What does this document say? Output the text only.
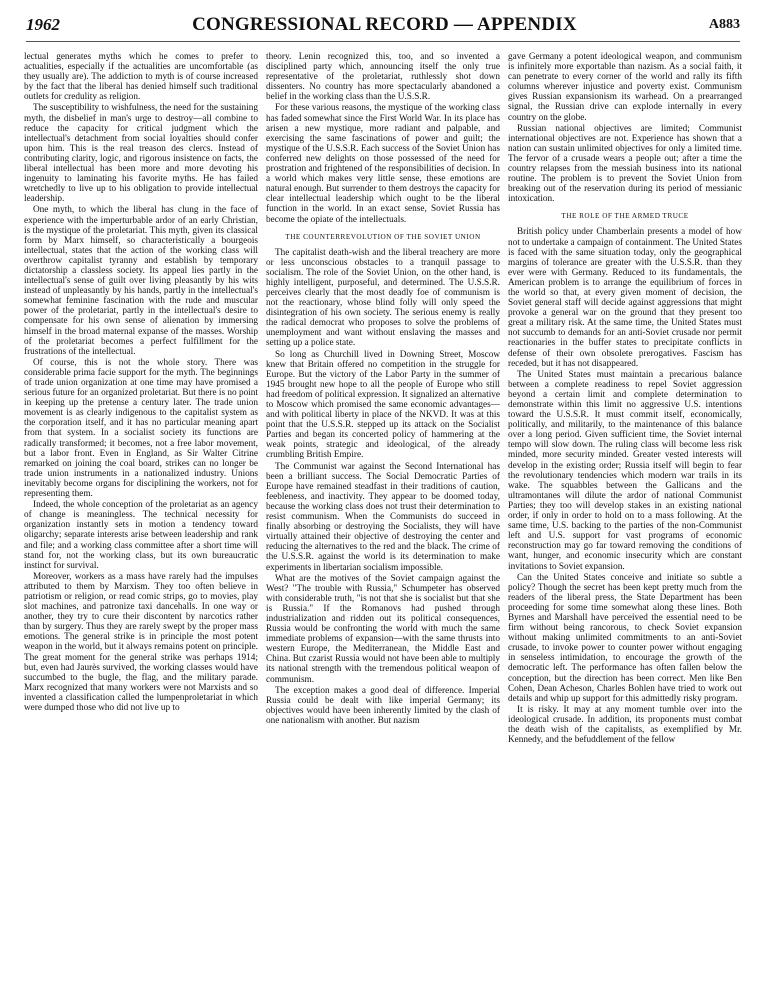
1962	CONGRESSIONAL RECORD — APPENDIX	A883

lectual generates myths which he comes to prefer to actualities, especially if the actualities are uncomfortable (as they usually are). The addiction to myth is of course increased by the fact that the liberal has denied himself such traditional outlets for credulity as religion.

The susceptibility to wishfulness, the need for the sustaining myth, the disbelief in man's urge to destroy—all combine to reduce the capacity for critical judgment which the intellectual's detachment from social loyalties should confer upon him. This is the real treason des clercs. Instead of contributing clarity, logic, and rigorous insistence on facts, the liberal intellectual has been more and more devoting his ingenuity to laminating his favorite myths. He has failed wretchedly to live up to his obligation to provide intellectual leadership.

One myth, to which the liberal has clung in the face of experience with the imperturbable ardor of an early Christian, is the mystique of the proletariat. This myth, given its classical form by Marx himself, so characteristically a bourgeois intellectual, states that the action of the working class will overthrow capitalist tyranny and establish by temporary dictatorship a classless society. Its appeal lies partly in the intellectual's sense of guilt over living pleasantly by his wits instead of unpleasantly by his hands, partly in the intellectual's somewhat feminine fascination with the rude and muscular power of the proletariat, partly in the intellectual's desire to compensate for his own sense of alienation by immersing himself in the broad maternal expanse of the masses. Worship of the proletariat becomes a perfect fulfillment for the frustrations of the intellectual.

Of course, this is not the whole story. There was considerable prima facie support for the myth. The beginnings of trade union organization at one time may have promised a serious future for an organized proletariat. But there is no point in keeping up the pretense a century later. The trade union movement is as clearly indigenous to the capitalist system as the corporation itself, and it has no particular meaning apart from that system. In a socialist society its functions are radically transformed; it becomes, not a free labor movement, but a labor front. Even in England, as Sir Walter Citrine remarked on joining the coal board, strikes can no longer be trade union instruments in a nationalized industry. Unions inevitably become organs for disciplining the workers, not for representing them.

Indeed, the whole conception of the proletariat as an agency of change is meaningless. The technical necessity for organization instantly sets in motion a tendency toward oligarchy; separate interests arise between leadership and rank and file; and a working class committee after a short time will stand for, not the working class, but its own bureaucratic instinct for survival.

Moreover, workers as a mass have rarely had the impulses attributed to them by Marxism. They too often believe in patriotism or religion, or read comic strips, go to movies, play slot machines, and patronize taxi dancehalls. In one way or another, they try to cure their discontent by narcotics rather than by surgery. Thus they are rarely swept by the proper mass emotions. The general strike is in principle the most potent weapon in the world, but it always remains potent on principle. The great moment for the general strike was perhaps 1914; but, even had Jaurès survived, the working classes would have succumbed to the bugle, the flag, and the military parade. Marx recognized that many workers were not Marxists and so invented a classification called the lumpenproletariat in which were dumped those who did not live up to

theory. Lenin recognized this, too, and so invented a disciplined party which, announcing itself the only true representative of the proletariat, ruthlessly shot down dissenters. No country has more spectacularly abandoned a belief in the working class than the U.S.S.R.

For these various reasons, the mystique of the working class has faded somewhat since the First World War. In its place has arisen a new mystique, more radiant and palpable, and exercising the same fascinations of power and guilt; the mystique of the U.S.S.R. Each success of the Soviet Union has conferred new delights on those possessed of the need for prostration and frightened of the responsibilities of decision. In a world which makes very little sense, these emotions are natural enough. But surrender to them destroys the capacity for clear intellectual leadership which ought to be the liberal function in the world. In an exact sense, Soviet Russia has become the opiate of the intellectuals.

THE COUNTERREVOLUTION OF THE SOVIET UNION

The capitalist death-wish and the liberal treachery are more or less unconscious obstacles to a tranquil passage to socialism. The role of the Soviet Union, on the other hand, is highly intelligent, purposeful, and determined. The U.S.S.R. perceives clearly that the most deadly foe of communism is not the reactionary, whose blind folly will only speed the disintegration of his own society. The serious enemy is really the radical democrat who proposes to solve the problems of unemployment and want without enslaving the masses and setting up a police state.

So long as Churchill lived in Downing Street, Moscow knew that Britain offered no competition in the struggle for Europe. But the victory of the Labor Party in the summer of 1945 brought new hope to all the people of Europe who still had freedom of political expression. It signalized an alternative to Moscow which promised the same economic advantages—and with political liberty in place of the NKVD. It was at this point that the U.S.S.R. stepped up its attack on the Socialist Parties and began its concerted policy of hammering at the weak points, strategic and ideological, of the already crumbling British Empire.

The Communist war against the Second International has been a brilliant success. The Social Democratic Parties of Europe have remained steadfast in their traditions of caution, feebleness, and inactivity. They appear to be doomed today, because the working class does not trust their determination to resist communism. When the Communists do succeed in finally absorbing or destroying the Socialists, they will have virtually attained their objective of destroying the center and reducing the alternatives to the red and the black. The crime of the U.S.S.R. against the world is its determination to make experiments in libertarian socialism impossible.

What are the motives of the Soviet campaign against the West? "The trouble with Russia," Schumpeter has observed with considerable truth, "is not that she is socialist but that she is Russia." If the Romanovs had pushed through industrialization and ridden out its political consequences, Russia would be confronting the world with much the same immediate problems of expansion—with the same thrusts into western Europe, the Mediterranean, the Middle East and China. But czarist Russia would not have been able to multiply its national strength with the tremendous political weapon of communism.

The exception makes a good deal of difference. Imperial Russia could be dealt with like imperial Germany; its objectives would have been inherently limited by the clash of one nationalism with another. But nazism

gave Germany a potent ideological weapon, and communism is infinitely more exportable than nazism. As a social faith, it can penetrate to every corner of the world and rally its fifth columns wherever injustice and poverty exist. Communism gives Russian expansionism its warhead. On a prearranged signal, the Russian drive can explode internally in every country on the globe.

Russian national objectives are limited; Communist international objectives are not. Experience has shown that a nation can sustain unlimited objectives for only a limited time. The fervor of a crusade wears a people out; after a time the country relapses from the messiah business into its national routine. The problem is to prevent the Soviet Union from breaking out of the reservation during its period of messianic intoxication.

THE ROLE OF THE ARMED TRUCE

British policy under Chamberlain presents a model of how not to undertake a campaign of containment. The United States is faced with the same situation today, only the geographical margins of tolerance are greater with the U.S.S.R. than they ever were with Germany. Reduced to its fundamentals, the American problem is to arrange the equilibrium of forces in the world so that, at every given moment of decision, the Soviet general staff will decide against aggressions that might provoke a general war on the ground that they present too great a military risk. At the same time, the United States must not succumb to demands for an anti-Soviet crusade nor permit reactionaries in the buffer states to precipitate conflicts in defense of their own obsolete prerogatives. Fascism has receded, but it has not disappeared.

The United States must maintain a precarious balance between a complete readiness to repel Soviet aggression beyond a certain limit and complete determination to demonstrate within this limit no aggressive U.S. intentions toward the U.S.S.R. It must commit itself, economically, politically, and militarily, to the maintenance of this balance over a long period. Given sufficient time, the Soviet internal tempo will slow down. The ruling class will become less risk minded, more security minded. Greater vested interests will develop in the existing order; Russia itself will begin to fear the revolutionary tendencies which modern war trails in its wake. The squabbles between the Gallicans and the ultramontanes will dilute the ardor of national Communist Parties; they too will develop stakes in an existing national order, if only in order to hold on to a mass following. At the same time, U.S. backing to the parties of the non-Communist left and U.S. support for vast programs of economic reconstruction may go far toward removing the conditions of want, hunger, and economic insecurity which are constant invitations to Soviet expansion.

Can the United States conceive and initiate so subtle a policy? Though the secret has been kept pretty much from the readers of the liberal press, the State Department has been proceeding for some time somewhat along these lines. Both Byrnes and Marshall have perceived the essential need to be firm without being rancorous, to check Soviet expansion without making unlimited commitments to an anti-Soviet crusade, to invoke power to counter power without engaging in senseless intimidation, to encourage the growth of the democratic left. The performance has often fallen below the conception, but the direction has been correct. Men like Ben Cohen, Dean Acheson, Charles Bohlen have tried to work out details and whip up support for this admittedly risky program.

It is risky. It may at any moment tumble over into the ideological crusade. In addition, its proponents must combat the death wish of the capitalists, as exemplified by Mr. Kennedy, and the befuddlement of the fellow
